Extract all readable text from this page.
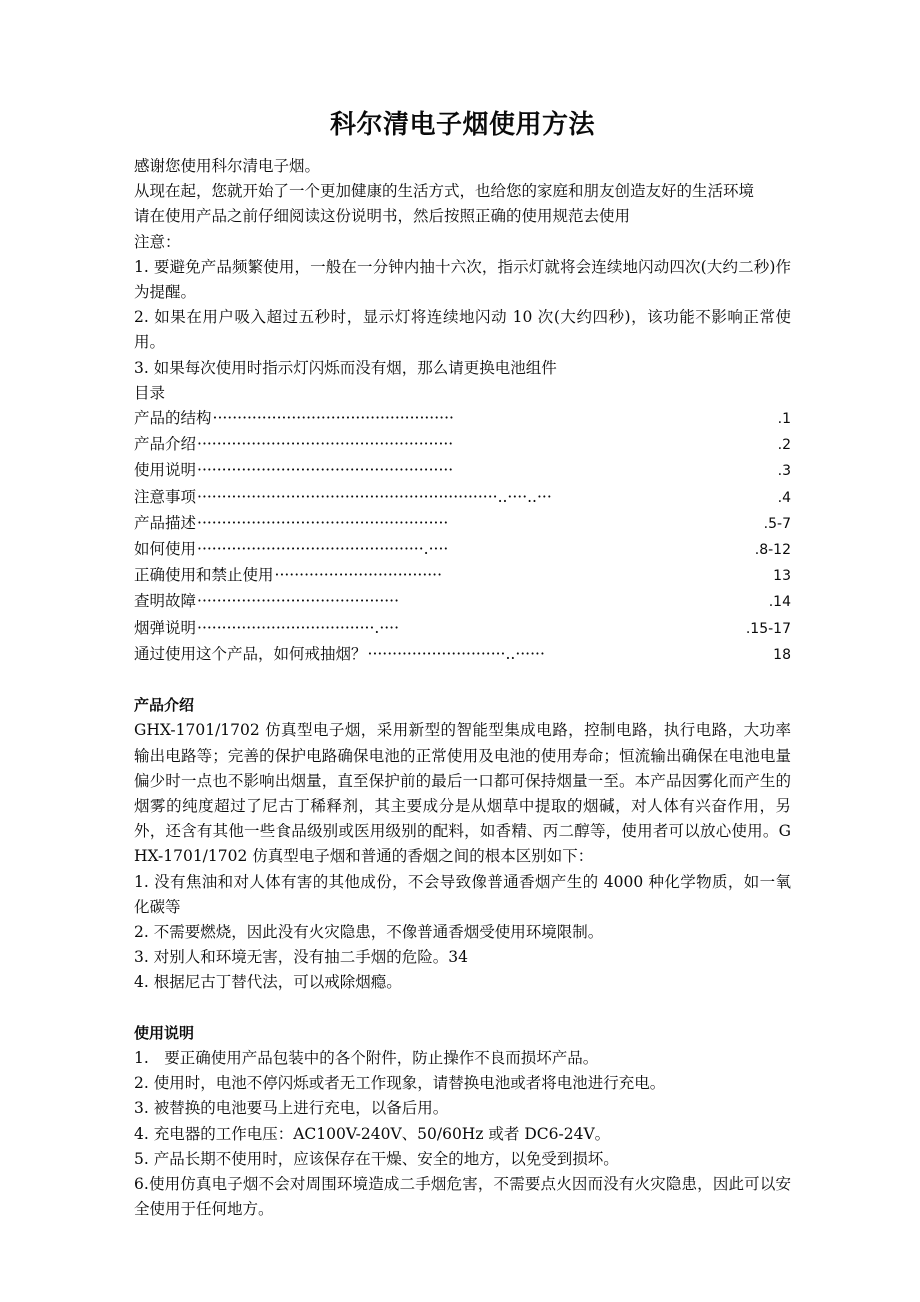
科尔清电子烟使用方法

感谢您使用科尔清电子烟。

从现在起，您就开始了一个更加健康的生活方式，也给您的家庭和朋友创造友好的生活环境

请在使用产品之前仔细阅读这份说明书，然后按照正确的使用规范去使用

注意：

1. 要避免产品频繁使用，一般在一分钟内抽十六次，指示灯就将会连续地闪动四次(大约二秒)作为提醒。

2. 如果在用户吸入超过五秒时，显示灯将连续地闪动 10 次(大约四秒)，该功能不影响正常使用。

3. 如果每次使用时指示灯闪烁而没有烟，那么请更换电池组件

目录

产品的结构 ·················································	.1
产品介绍 ····················································	.2
使用说明 ····················································	.3
注意事项 ·····························································..····..···	.4
产品描述 ···················································	.5-7
如何使用 ··············································.····	.8-12
正确使用和禁止使用 ··································	13
查明故障 ·········································	.14
烟弹说明 ····································.····	.15-17
通过使用这个产品，如何戒抽烟？ ····························..······	18

产品介绍

GHX-1701/1702 仿真型电子烟，采用新型的智能型集成电路，控制电路，执行电路，大功率输出电路等；完善的保护电路确保电池的正常使用及电池的使用寿命；恒流输出确保在电池电量偏少时一点也不影响出烟量，直至保护前的最后一口都可保持烟量一至。本产品因雾化而产生的烟雾的纯度超过了尼古丁稀释剂，其主要成分是从烟草中提取的烟碱，对人体有兴奋作用，另外，还含有其他一些食品级别或医用级别的配料，如香精、丙二醇等，使用者可以放心使用。GHX-1701/1702 仿真型电子烟和普通的香烟之间的根本区别如下：

1. 没有焦油和对人体有害的其他成份，不会导致像普通香烟产生的 4000 种化学物质，如一氧化碳等

2. 不需要燃烧，因此没有火灾隐患，不像普通香烟受使用环境限制。

3. 对别人和环境无害，没有抽二手烟的危险。34

4. 根据尼古丁替代法，可以戒除烟瘾。

使用说明

1.　要正确使用产品包装中的各个附件，防止操作不良而损坏产品。

2. 使用时，电池不停闪烁或者无工作现象，请替换电池或者将电池进行充电。

3. 被替换的电池要马上进行充电，以备后用。

4. 充电器的工作电压：AC100V-240V、50/60Hz 或者 DC6-24V。

5. 产品长期不使用时，应该保存在干燥、安全的地方，以免受到损坏。

6.使用仿真电子烟不会对周围环境造成二手烟危害，不需要点火因而没有火灾隐患，因此可以安全使用于任何地方。
